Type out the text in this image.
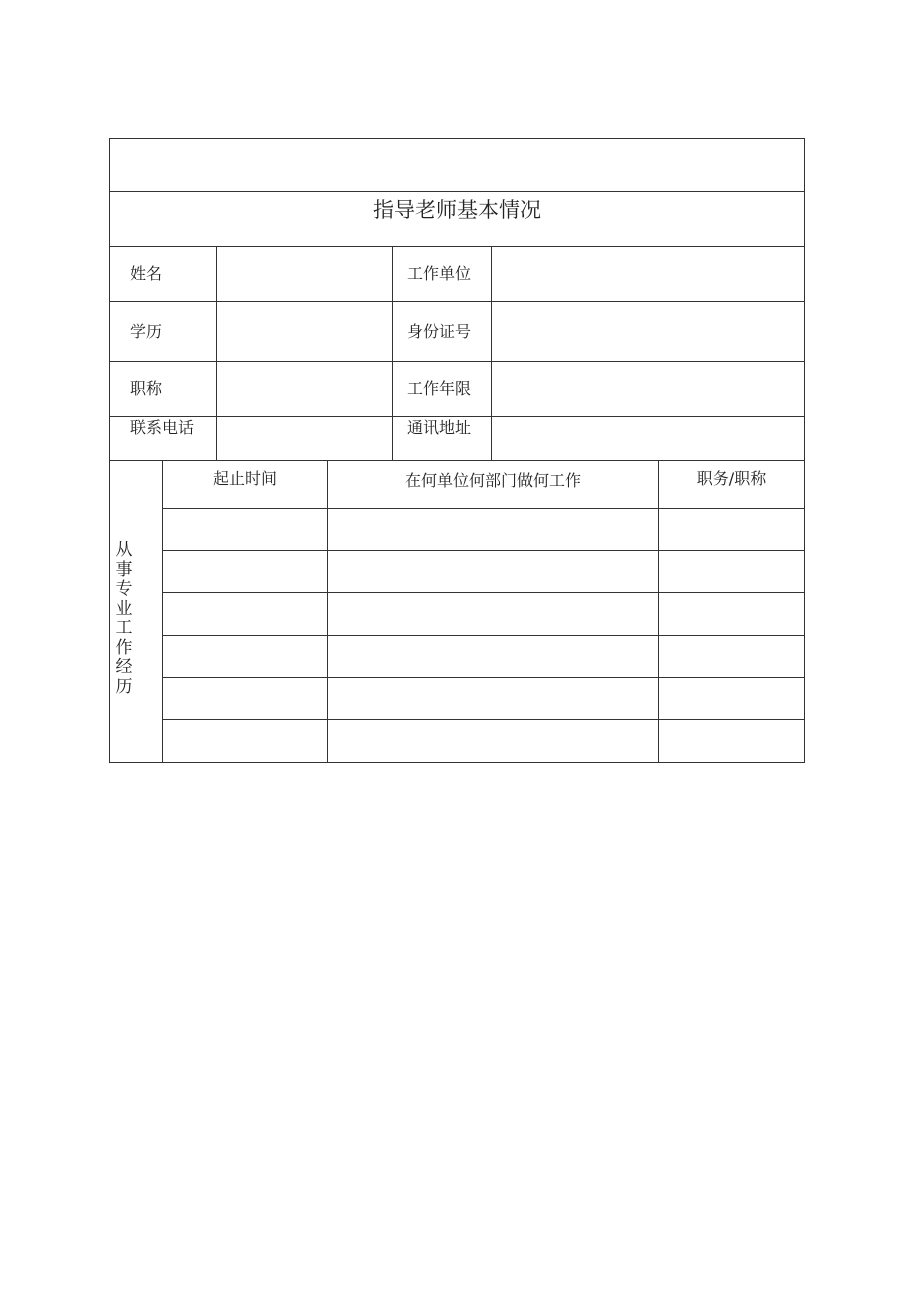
指导老师基本情况
姓名	工作单位
学历	身份证号
职称	工作年限
联系电话	通讯地址
从事专业工作经历
起止时间	在何单位何部门做何工作	职务/职称
